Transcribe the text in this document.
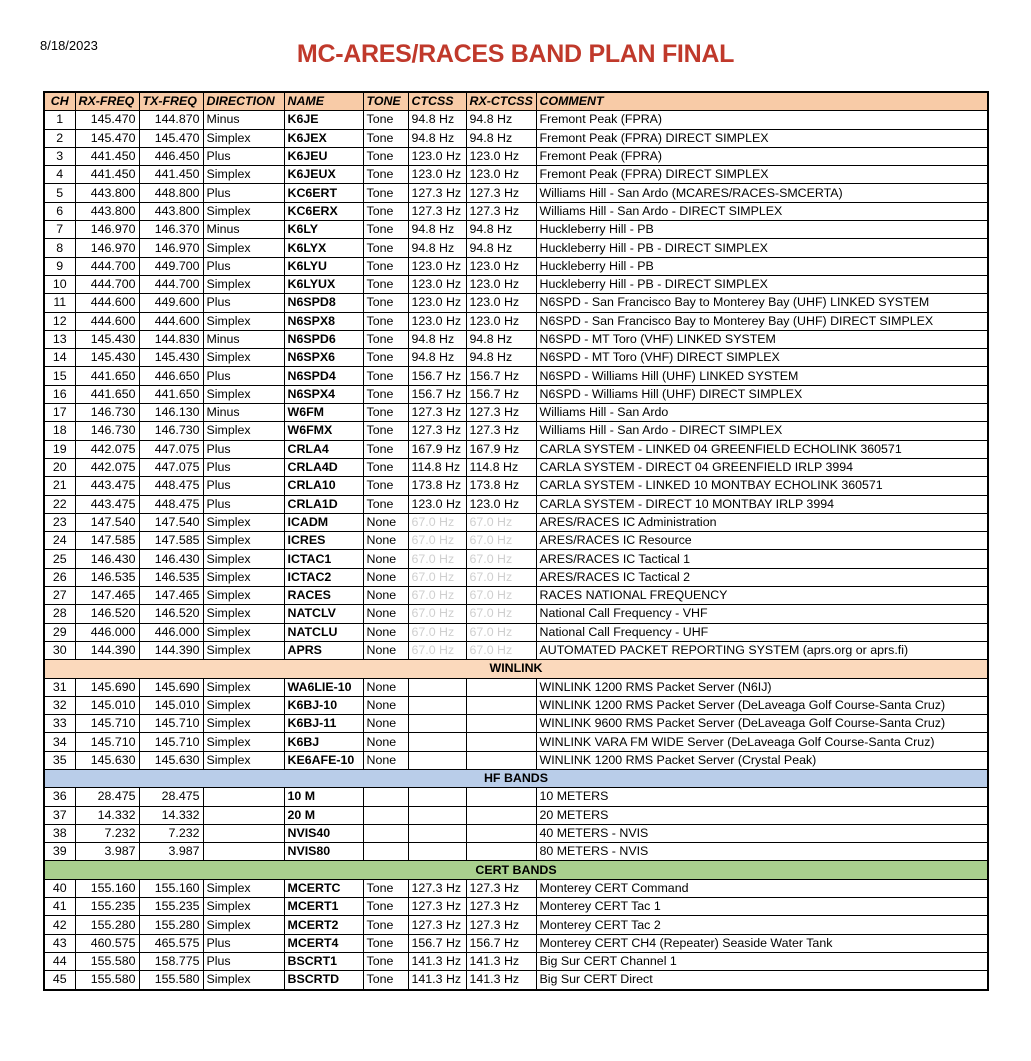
8/18/2023	MC-ARES/RACES BAND PLAN FINAL
CH	RX-FREQ	TX-FREQ	DIRECTION	NAME	TONE	CTCSS	RX-CTCSS	COMMENT
1	145.470	144.870	Minus	K6JE	Tone	94.8 Hz	94.8 Hz	Fremont Peak (FPRA)
2	145.470	145.470	Simplex	K6JEX	Tone	94.8 Hz	94.8 Hz	Fremont Peak (FPRA) DIRECT SIMPLEX
3	441.450	446.450	Plus	K6JEU	Tone	123.0 Hz	123.0 Hz	Fremont Peak (FPRA)
4	441.450	441.450	Simplex	K6JEUX	Tone	123.0 Hz	123.0 Hz	Fremont Peak (FPRA) DIRECT SIMPLEX
5	443.800	448.800	Plus	KC6ERT	Tone	127.3 Hz	127.3 Hz	Williams Hill - San Ardo (MCARES/RACES-SMCERTA)
6	443.800	443.800	Simplex	KC6ERX	Tone	127.3 Hz	127.3 Hz	Williams Hill - San Ardo - DIRECT SIMPLEX
7	146.970	146.370	Minus	K6LY	Tone	94.8 Hz	94.8 Hz	Huckleberry Hill - PB
8	146.970	146.970	Simplex	K6LYX	Tone	94.8 Hz	94.8 Hz	Huckleberry Hill - PB - DIRECT SIMPLEX
9	444.700	449.700	Plus	K6LYU	Tone	123.0 Hz	123.0 Hz	Huckleberry Hill - PB
10	444.700	444.700	Simplex	K6LYUX	Tone	123.0 Hz	123.0 Hz	Huckleberry Hill - PB - DIRECT SIMPLEX
11	444.600	449.600	Plus	N6SPD8	Tone	123.0 Hz	123.0 Hz	N6SPD - San Francisco Bay to Monterey Bay (UHF) LINKED SYSTEM
12	444.600	444.600	Simplex	N6SPX8	Tone	123.0 Hz	123.0 Hz	N6SPD - San Francisco Bay to Monterey Bay (UHF) DIRECT SIMPLEX
13	145.430	144.830	Minus	N6SPD6	Tone	94.8 Hz	94.8 Hz	N6SPD - MT Toro (VHF) LINKED SYSTEM
14	145.430	145.430	Simplex	N6SPX6	Tone	94.8 Hz	94.8 Hz	N6SPD - MT Toro (VHF) DIRECT SIMPLEX
15	441.650	446.650	Plus	N6SPD4	Tone	156.7 Hz	156.7 Hz	N6SPD - Williams Hill (UHF) LINKED SYSTEM
16	441.650	441.650	Simplex	N6SPX4	Tone	156.7 Hz	156.7 Hz	N6SPD - Williams Hill (UHF) DIRECT SIMPLEX
17	146.730	146.130	Minus	W6FM	Tone	127.3 Hz	127.3 Hz	Williams Hill - San Ardo
18	146.730	146.730	Simplex	W6FMX	Tone	127.3 Hz	127.3 Hz	Williams Hill - San Ardo - DIRECT SIMPLEX
19	442.075	447.075	Plus	CRLA4	Tone	167.9 Hz	167.9 Hz	CARLA SYSTEM - LINKED 04 GREENFIELD ECHOLINK 360571
20	442.075	447.075	Plus	CRLA4D	Tone	114.8 Hz	114.8 Hz	CARLA SYSTEM - DIRECT 04 GREENFIELD IRLP 3994
21	443.475	448.475	Plus	CRLA10	Tone	173.8 Hz	173.8 Hz	CARLA SYSTEM - LINKED 10 MONTBAY ECHOLINK 360571
22	443.475	448.475	Plus	CRLA1D	Tone	123.0 Hz	123.0 Hz	CARLA SYSTEM - DIRECT 10 MONTBAY IRLP 3994
23	147.540	147.540	Simplex	ICADM	None	67.0 Hz	67.0 Hz	ARES/RACES IC Administration
24	147.585	147.585	Simplex	ICRES	None	67.0 Hz	67.0 Hz	ARES/RACES IC Resource
25	146.430	146.430	Simplex	ICTAC1	None	67.0 Hz	67.0 Hz	ARES/RACES IC Tactical 1
26	146.535	146.535	Simplex	ICTAC2	None	67.0 Hz	67.0 Hz	ARES/RACES IC Tactical 2
27	147.465	147.465	Simplex	RACES	None	67.0 Hz	67.0 Hz	RACES NATIONAL FREQUENCY
28	146.520	146.520	Simplex	NATCLV	None	67.0 Hz	67.0 Hz	National Call Frequency - VHF
29	446.000	446.000	Simplex	NATCLU	None	67.0 Hz	67.0 Hz	National Call Frequency - UHF
30	144.390	144.390	Simplex	APRS	None	67.0 Hz	67.0 Hz	AUTOMATED PACKET REPORTING SYSTEM (aprs.org or aprs.fi)
WINLINK								
31	145.690	145.690	Simplex	WA6LIE-10	None			WINLINK 1200 RMS Packet Server (N6IJ)
32	145.010	145.010	Simplex	K6BJ-10	None			WINLINK 1200 RMS Packet Server (DeLaveaga Golf Course-Santa Cruz)
33	145.710	145.710	Simplex	K6BJ-11	None			WINLINK 9600 RMS Packet Server (DeLaveaga Golf Course-Santa Cruz)
34	145.710	145.710	Simplex	K6BJ	None			WINLINK VARA FM WIDE Server (DeLaveaga Golf Course-Santa Cruz)
35	145.630	145.630	Simplex	KE6AFE-10	None			WINLINK 1200 RMS Packet Server (Crystal Peak)
HF BANDS								
36	28.475	28.475		10 M				10 METERS
37	14.332	14.332		20 M				20 METERS
38	7.232	7.232		NVIS40				40 METERS - NVIS
39	3.987	3.987		NVIS80				80 METERS - NVIS
CERT BANDS								
40	155.160	155.160	Simplex	MCERTC	Tone	127.3 Hz	127.3 Hz	Monterey CERT Command
41	155.235	155.235	Simplex	MCERT1	Tone	127.3 Hz	127.3 Hz	Monterey CERT Tac 1
42	155.280	155.280	Simplex	MCERT2	Tone	127.3 Hz	127.3 Hz	Monterey CERT Tac 2
43	460.575	465.575	Plus	MCERT4	Tone	156.7 Hz	156.7 Hz	Monterey CERT CH4 (Repeater) Seaside Water Tank
44	155.580	158.775	Plus	BSCRT1	Tone	141.3 Hz	141.3 Hz	Big Sur CERT Channel 1
45	155.580	155.580	Simplex	BSCRTD	Tone	141.3 Hz	141.3 Hz	Big Sur CERT Direct
